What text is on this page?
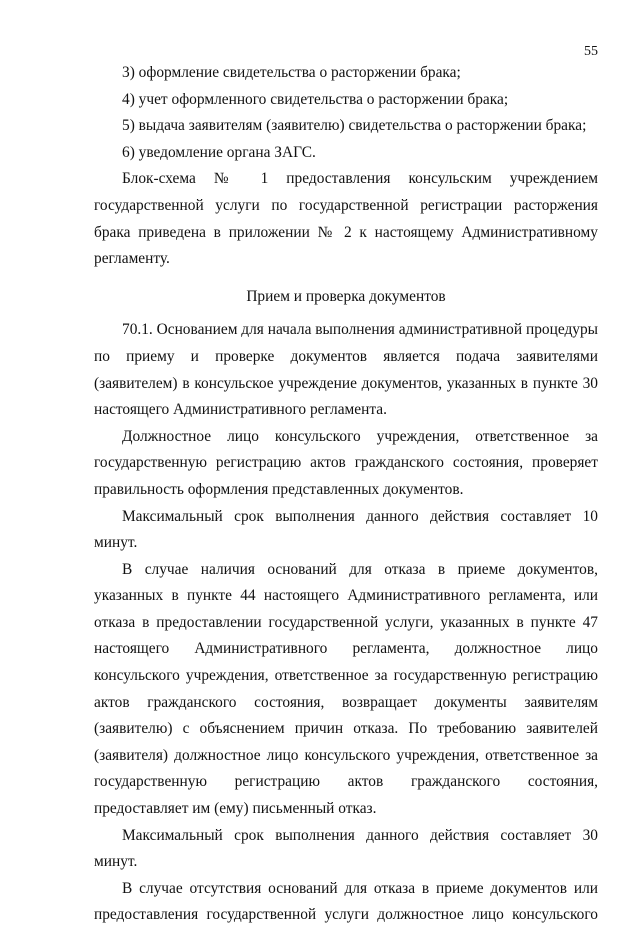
55

3) оформление свидетельства о расторжении брака;

4) учет оформленного свидетельства о расторжении брака;

5) выдача заявителям (заявителю) свидетельства о расторжении брака;

6) уведомление органа ЗАГС.

Блок-схема № 1 предоставления консульским учреждением государственной услуги по государственной регистрации расторжения брака приведена в приложении № 2 к настоящему Административному регламенту.

Прием и проверка документов

70.1. Основанием для начала выполнения административной процедуры по приему и проверке документов является подача заявителями (заявителем) в консульское учреждение документов, указанных в пункте 30 настоящего Административного регламента.

Должностное лицо консульского учреждения, ответственное за государственную регистрацию актов гражданского состояния, проверяет правильность оформления представленных документов.

Максимальный срок выполнения данного действия составляет 10 минут.

В случае наличия оснований для отказа в приеме документов, указанных в пункте 44 настоящего Административного регламента, или отказа в предоставлении государственной услуги, указанных в пункте 47 настоящего Административного регламента, должностное лицо консульского учреждения, ответственное за государственную регистрацию актов гражданского состояния, возвращает документы заявителям (заявителю) с объяснением причин отказа. По требованию заявителей (заявителя) должностное лицо консульского учреждения, ответственное за государственную регистрацию актов гражданского состояния, предоставляет им (ему) письменный отказ.

Максимальный срок выполнения данного действия составляет 30 минут.

В случае отсутствия оснований для отказа в приеме документов или предоставления государственной услуги должностное лицо консульского
